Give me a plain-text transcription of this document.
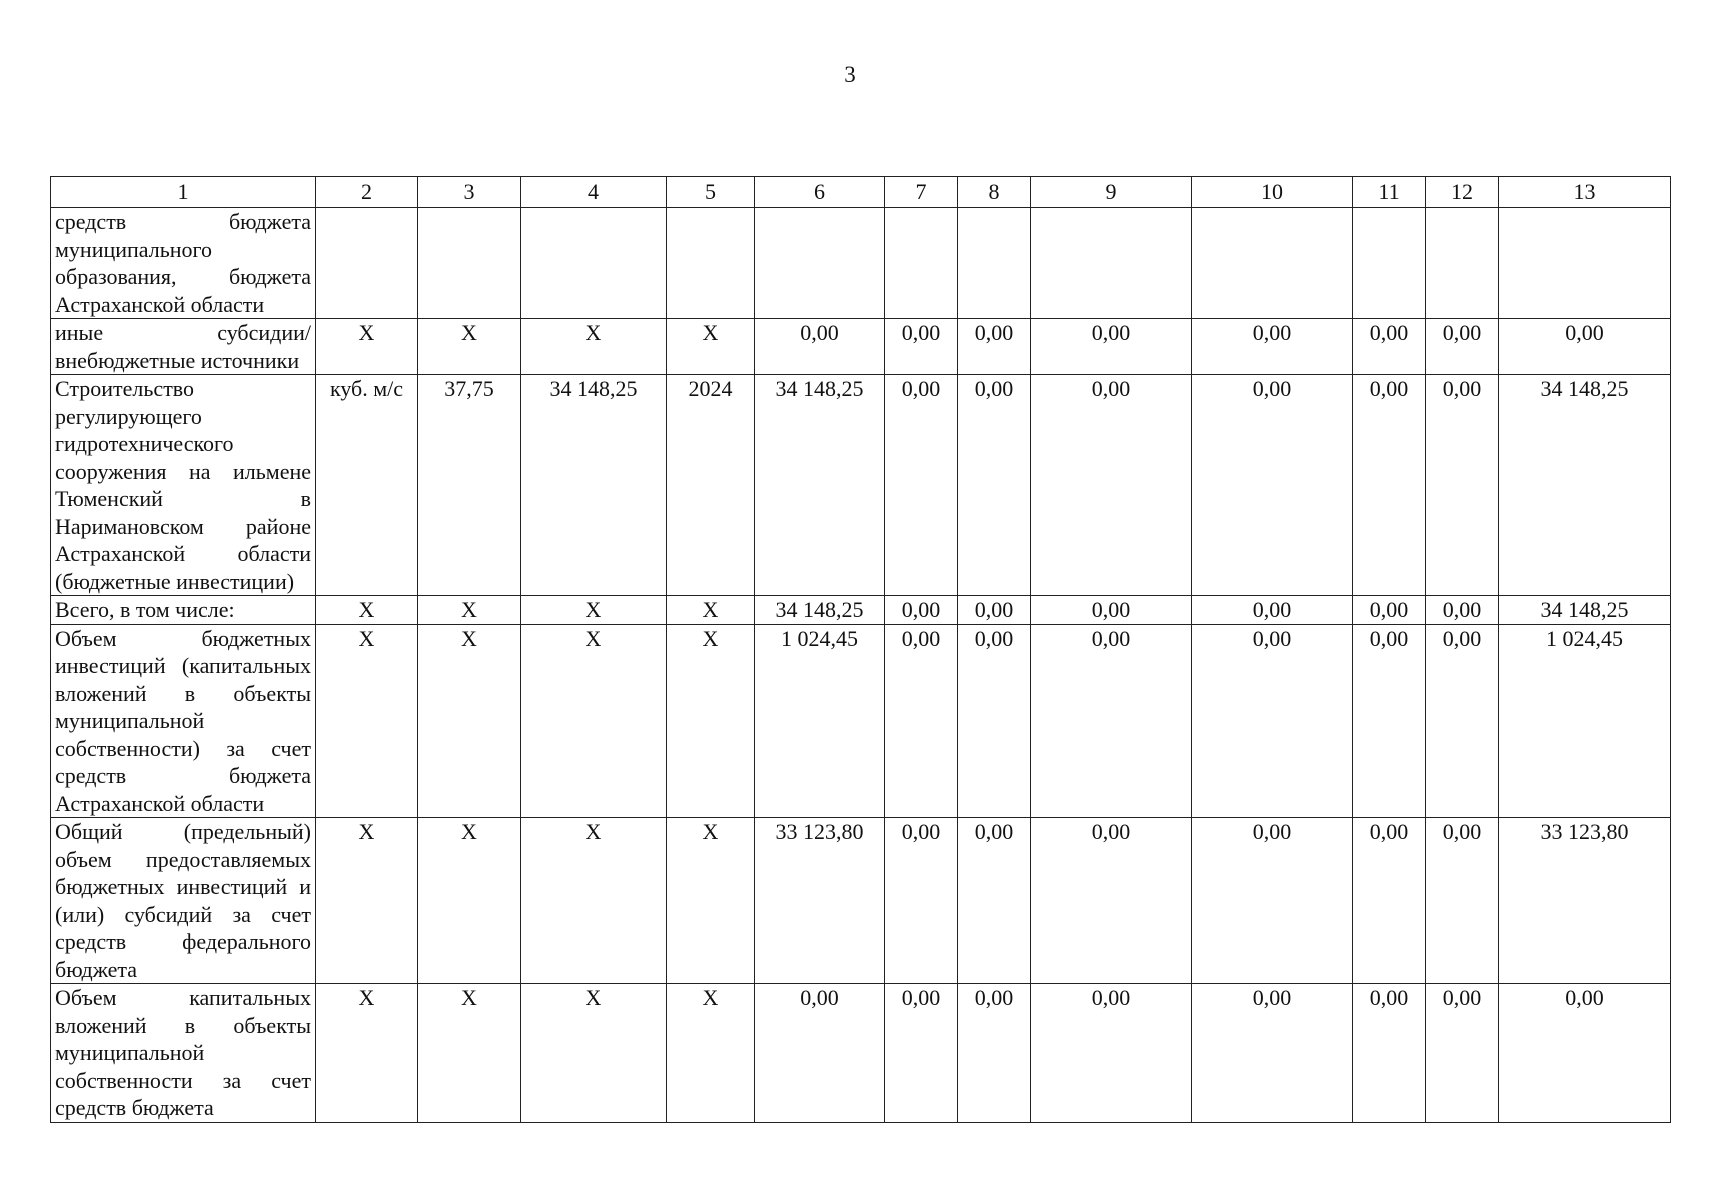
3
1	2	3	4	5	6	7	8	9	10	11	12	13
средств бюджета муниципального образования, бюджета Астраханской области												
иные субсидии/ внебюджетные источники	Х	Х	Х	Х	0,00	0,00	0,00	0,00	0,00	0,00	0,00	0,00
Строительство регулирующего гидротехнического сооружения на ильмене Тюменский в Наримановском районе Астраханской области (бюджетные инвестиции)	куб. м/с	37,75	34 148,25	2024	34 148,25	0,00	0,00	0,00	0,00	0,00	0,00	34 148,25
Всего, в том числе:	Х	Х	Х	Х	34 148,25	0,00	0,00	0,00	0,00	0,00	0,00	34 148,25
Объем бюджетных инвестиций (капитальных вложений в объекты муниципальной собственности) за счет средств бюджета Астраханской области	Х	Х	Х	Х	1 024,45	0,00	0,00	0,00	0,00	0,00	0,00	1 024,45
Общий (предельный) объем предоставляемых бюджетных инвестиций и (или) субсидий за счет средств федерального бюджета	Х	Х	Х	Х	33 123,80	0,00	0,00	0,00	0,00	0,00	0,00	33 123,80
Объем капитальных вложений в объекты муниципальной собственности за счет средств бюджета	Х	Х	Х	Х	0,00	0,00	0,00	0,00	0,00	0,00	0,00	0,00
